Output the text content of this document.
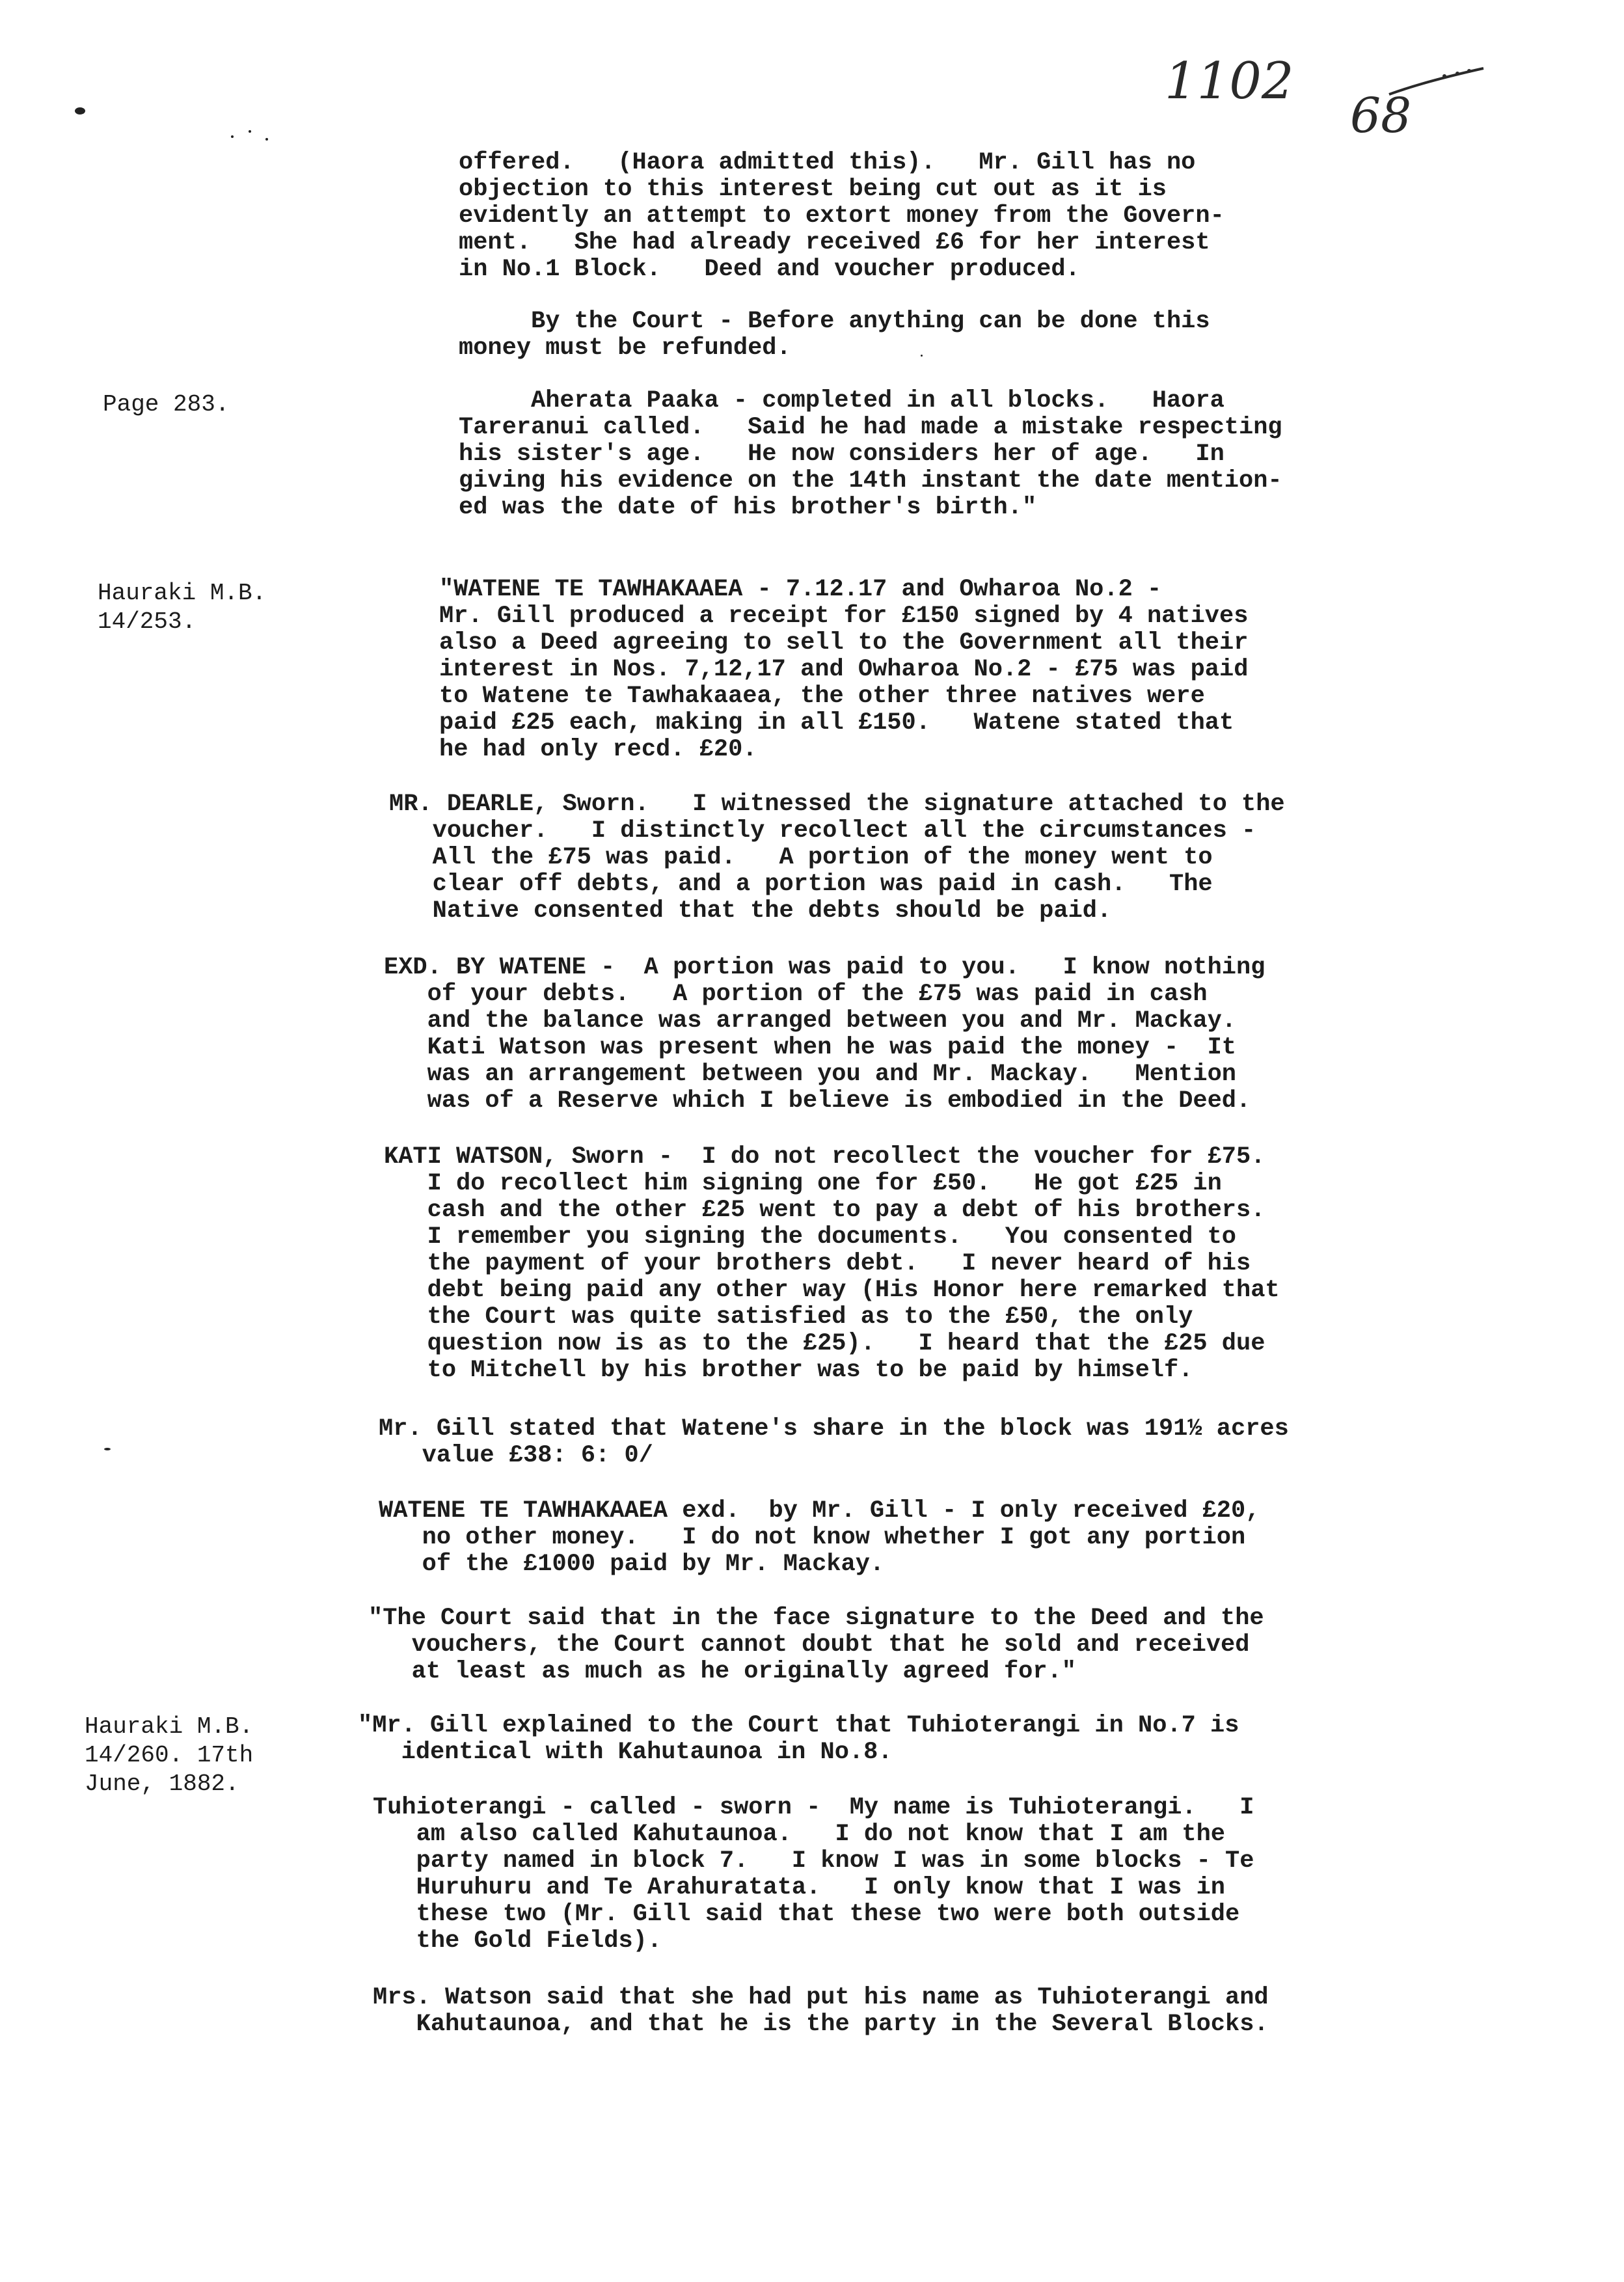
1102
68
Page 283.
Hauraki M.B.
14/253.
Hauraki M.B.
14/260. 17th
June, 1882.
offered.   (Haora admitted this).   Mr. Gill has no
objection to this interest being cut out as it is
evidently an attempt to extort money from the Govern-
ment.   She had already received £6 for her interest
in No.1 Block.   Deed and voucher produced.
By the Court - Before anything can be done this
money must be refunded.
Aherata Paaka - completed in all blocks.   Haora
Tareranui called.   Said he had made a mistake respecting
his sister's age.   He now considers her of age.   In
giving his evidence on the 14th instant the date mention-
ed was the date of his brother's birth."
"WATENE TE TAWHAKAAEA - 7.12.17 and Owharoa No.2 -
Mr. Gill produced a receipt for £150 signed by 4 natives
also a Deed agreeing to sell to the Government all their
interest in Nos. 7,12,17 and Owharoa No.2 - £75 was paid
to Watene te Tawhakaaea, the other three natives were
paid £25 each, making in all £150.   Watene stated that
he had only recd. £20.
MR. DEARLE, Sworn.   I witnessed the signature attached to the
voucher.   I distinctly recollect all the circumstances -
All the £75 was paid.   A portion of the money went to
clear off debts, and a portion was paid in cash.   The
Native consented that the debts should be paid.
EXD. BY WATENE -  A portion was paid to you.   I know nothing
of your debts.   A portion of the £75 was paid in cash
and the balance was arranged between you and Mr. Mackay.
Kati Watson was present when he was paid the money -  It
was an arrangement between you and Mr. Mackay.   Mention
was of a Reserve which I believe is embodied in the Deed.
KATI WATSON, Sworn -  I do not recollect the voucher for £75.
I do recollect him signing one for £50.   He got £25 in
cash and the other £25 went to pay a debt of his brothers.
I remember you signing the documents.   You consented to
the payment of your brothers debt.   I never heard of his
debt being paid any other way (His Honor here remarked that
the Court was quite satisfied as to the £50, the only
question now is as to the £25).   I heard that the £25 due
to Mitchell by his brother was to be paid by himself.
Mr. Gill stated that Watene's share in the block was 191½ acres
value £38: 6: 0/
WATENE TE TAWHAKAAEA exd.  by Mr. Gill - I only received £20,
no other money.   I do not know whether I got any portion
of the £1000 paid by Mr. Mackay.
"The Court said that in the face signature to the Deed and the
vouchers, the Court cannot doubt that he sold and received
at least as much as he originally agreed for."
"Mr. Gill explained to the Court that Tuhioterangi in No.7 is
identical with Kahutaunoa in No.8.
Tuhioterangi - called - sworn -  My name is Tuhioterangi.   I
am also called Kahutaunoa.   I do not know that I am the
party named in block 7.   I know I was in some blocks - Te
Huruhuru and Te Arahuratata.   I only know that I was in
these two (Mr. Gill said that these two were both outside
the Gold Fields).
Mrs. Watson said that she had put his name as Tuhioterangi and
Kahutaunoa, and that he is the party in the Several Blocks.
